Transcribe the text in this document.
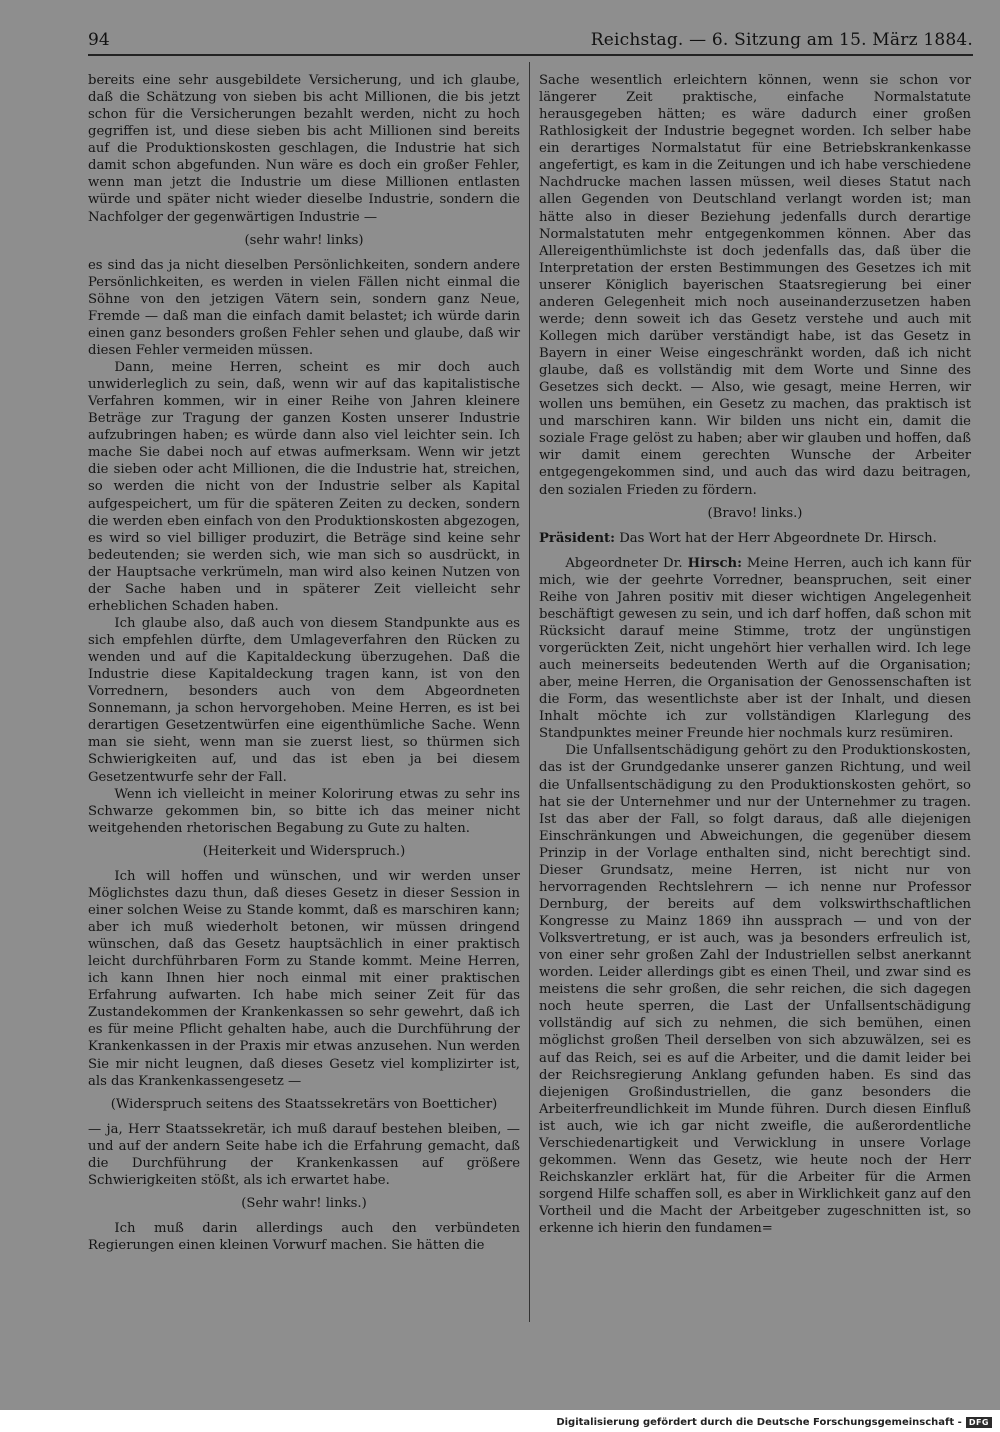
94	Reichstag. — 6. Sitzung am 15. März 1884.

bereits eine sehr ausgebildete Versicherung, und ich glaube, daß die Schätzung von sieben bis acht Millionen, die bis jetzt schon für die Versicherungen bezahlt werden, nicht zu hoch gegriffen ist, und diese sieben bis acht Millionen sind bereits auf die Produktionskosten geschlagen, die Industrie hat sich damit schon abgefunden. Nun wäre es doch ein großer Fehler, wenn man jetzt die Industrie um diese Millionen entlasten würde und später nicht wieder dieselbe Industrie, sondern die Nachfolger der gegenwärtigen Industrie —

(sehr wahr! links)

es sind das ja nicht dieselben Persönlichkeiten, sondern andere Persönlichkeiten, es werden in vielen Fällen nicht einmal die Söhne von den jetzigen Vätern sein, sondern ganz Neue, Fremde — daß man die einfach damit belastet; ich würde darin einen ganz besonders großen Fehler sehen und glaube, daß wir diesen Fehler vermeiden müssen.

Dann, meine Herren, scheint es mir doch auch unwiderleglich zu sein, daß, wenn wir auf das kapitalistische Verfahren kommen, wir in einer Reihe von Jahren kleinere Beträge zur Tragung der ganzen Kosten unserer Industrie aufzubringen haben; es würde dann also viel leichter sein. Ich mache Sie dabei noch auf etwas aufmerksam. Wenn wir jetzt die sieben oder acht Millionen, die die Industrie hat, streichen, so werden die nicht von der Industrie selber als Kapital aufgespeichert, um für die späteren Zeiten zu decken, sondern die werden eben einfach von den Produktionskosten abgezogen, es wird so viel billiger produzirt, die Beträge sind keine sehr bedeutenden; sie werden sich, wie man sich so ausdrückt, in der Hauptsache verkrümeln, man wird also keinen Nutzen von der Sache haben und in späterer Zeit vielleicht sehr erheblichen Schaden haben.

Ich glaube also, daß auch von diesem Standpunkte aus es sich empfehlen dürfte, dem Umlageverfahren den Rücken zu wenden und auf die Kapitaldeckung überzugehen. Daß die Industrie diese Kapitaldeckung tragen kann, ist von den Vorrednern, besonders auch von dem Abgeordneten Sonnemann, ja schon hervorgehoben. Meine Herren, es ist bei derartigen Gesetzentwürfen eine eigenthümliche Sache. Wenn man sie sieht, wenn man sie zuerst liest, so thürmen sich Schwierigkeiten auf, und das ist eben ja bei diesem Gesetzentwurfe sehr der Fall.

Wenn ich vielleicht in meiner Kolorirung etwas zu sehr ins Schwarze gekommen bin, so bitte ich das meiner nicht weitgehenden rhetorischen Begabung zu Gute zu halten.

(Heiterkeit und Widerspruch.)

Ich will hoffen und wünschen, und wir werden unser Möglichstes dazu thun, daß dieses Gesetz in dieser Session in einer solchen Weise zu Stande kommt, daß es marschiren kann; aber ich muß wiederholt betonen, wir müssen dringend wünschen, daß das Gesetz hauptsächlich in einer praktisch leicht durchführbaren Form zu Stande kommt. Meine Herren, ich kann Ihnen hier noch einmal mit einer praktischen Erfahrung aufwarten. Ich habe mich seiner Zeit für das Zustandekommen der Krankenkassen so sehr gewehrt, daß ich es für meine Pflicht gehalten habe, auch die Durchführung der Krankenkassen in der Praxis mir etwas anzusehen. Nun werden Sie mir nicht leugnen, daß dieses Gesetz viel komplizirter ist, als das Krankenkassengesetz —

(Widerspruch seitens des Staatssekretärs von Boetticher)

— ja, Herr Staatssekretär, ich muß darauf bestehen bleiben, — und auf der andern Seite habe ich die Erfahrung gemacht, daß die Durchführung der Krankenkassen auf größere Schwierigkeiten stößt, als ich erwartet habe.

(Sehr wahr! links.)

Ich muß darin allerdings auch den verbündeten Regierungen einen kleinen Vorwurf machen. Sie hätten die

Sache wesentlich erleichtern können, wenn sie schon vor längerer Zeit praktische, einfache Normalstatute herausgegeben hätten; es wäre dadurch einer großen Rathlosigkeit der Industrie begegnet worden. Ich selber habe ein derartiges Normalstatut für eine Betriebskrankenkasse angefertigt, es kam in die Zeitungen und ich habe verschiedene Nachdrucke machen lassen müssen, weil dieses Statut nach allen Gegenden von Deutschland verlangt worden ist; man hätte also in dieser Beziehung jedenfalls durch derartige Normalstatuten mehr entgegenkommen können. Aber das Allereigenthümlichste ist doch jedenfalls das, daß über die Interpretation der ersten Bestimmungen des Gesetzes ich mit unserer Königlich bayerischen Staatsregierung bei einer anderen Gelegenheit mich noch auseinanderzusetzen haben werde; denn soweit ich das Gesetz verstehe und auch mit Kollegen mich darüber verständigt habe, ist das Gesetz in Bayern in einer Weise eingeschränkt worden, daß ich nicht glaube, daß es vollständig mit dem Worte und Sinne des Gesetzes sich deckt. — Also, wie gesagt, meine Herren, wir wollen uns bemühen, ein Gesetz zu machen, das praktisch ist und marschiren kann. Wir bilden uns nicht ein, damit die soziale Frage gelöst zu haben; aber wir glauben und hoffen, daß wir damit einem gerechten Wunsche der Arbeiter entgegengekommen sind, und auch das wird dazu beitragen, den sozialen Frieden zu fördern.

(Bravo! links.)

Präsident: Das Wort hat der Herr Abgeordnete Dr. Hirsch.

Abgeordneter Dr. Hirsch: Meine Herren, auch ich kann für mich, wie der geehrte Vorredner, beanspruchen, seit einer Reihe von Jahren positiv mit dieser wichtigen Angelegenheit beschäftigt gewesen zu sein, und ich darf hoffen, daß schon mit Rücksicht darauf meine Stimme, trotz der ungünstigen vorgerückten Zeit, nicht ungehört hier verhallen wird. Ich lege auch meinerseits bedeutenden Werth auf die Organisation; aber, meine Herren, die Organisation der Genossenschaften ist die Form, das wesentlichste aber ist der Inhalt, und diesen Inhalt möchte ich zur vollständigen Klarlegung des Standpunktes meiner Freunde hier nochmals kurz resümiren.

Die Unfallsentschädigung gehört zu den Produktionskosten, das ist der Grundgedanke unserer ganzen Richtung, und weil die Unfallsentschädigung zu den Produktionskosten gehört, so hat sie der Unternehmer und nur der Unternehmer zu tragen. Ist das aber der Fall, so folgt daraus, daß alle diejenigen Einschränkungen und Abweichungen, die gegenüber diesem Prinzip in der Vorlage enthalten sind, nicht berechtigt sind. Dieser Grundsatz, meine Herren, ist nicht nur von hervorragenden Rechtslehrern — ich nenne nur Professor Dernburg, der bereits auf dem volkswirthschaftlichen Kongresse zu Mainz 1869 ihn aussprach — und von der Volksvertretung, er ist auch, was ja besonders erfreulich ist, von einer sehr großen Zahl der Industriellen selbst anerkannt worden. Leider allerdings gibt es einen Theil, und zwar sind es meistens die sehr großen, die sehr reichen, die sich dagegen noch heute sperren, die Last der Unfallsentschädigung vollständig auf sich zu nehmen, die sich bemühen, einen möglichst großen Theil derselben von sich abzuwälzen, sei es auf das Reich, sei es auf die Arbeiter, und die damit leider bei der Reichsregierung Anklang gefunden haben. Es sind das diejenigen Großindustriellen, die ganz besonders die Arbeiterfreundlichkeit im Munde führen. Durch diesen Einfluß ist auch, wie ich gar nicht zweifle, die außerordentliche Verschiedenartigkeit und Verwicklung in unsere Vorlage gekommen. Wenn das Gesetz, wie heute noch der Herr Reichskanzler erklärt hat, für die Arbeiter für die Armen sorgend Hilfe schaffen soll, es aber in Wirklichkeit ganz auf den Vortheil und die Macht der Arbeitgeber zugeschnitten ist, so erkenne ich hierin den fundamen=

Digitalisierung gefördert durch die Deutsche Forschungsgemeinschaft - DFG
